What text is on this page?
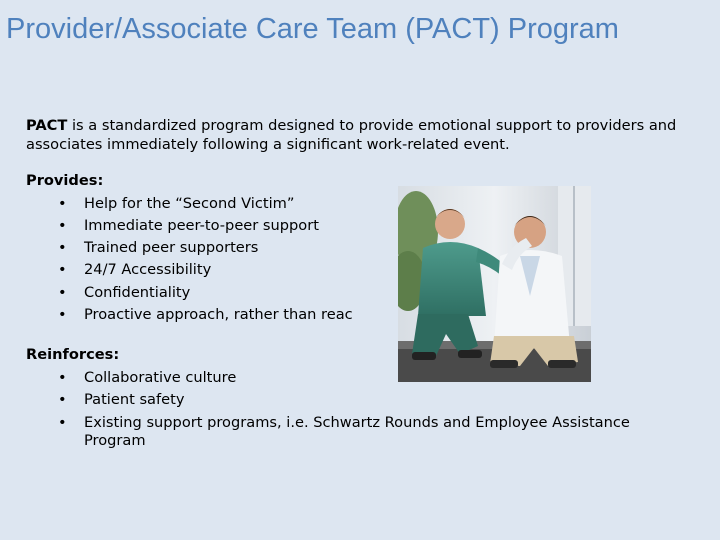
Provider/Associate Care Team (PACT) Program

PACT is a standardized program designed to provide emotional support to providers and associates immediately following a significant work-related event.

Provides:
• Help for the “Second Victim”
• Immediate peer-to-peer support
• Trained peer supporters
• 24/7 Accessibility
• Confidentiality
• Proactive approach, rather than reac
Reinforces:
• Collaborative culture
• Patient safety
• Existing support programs, i.e. Schwartz Rounds and Employee Assistance Program
